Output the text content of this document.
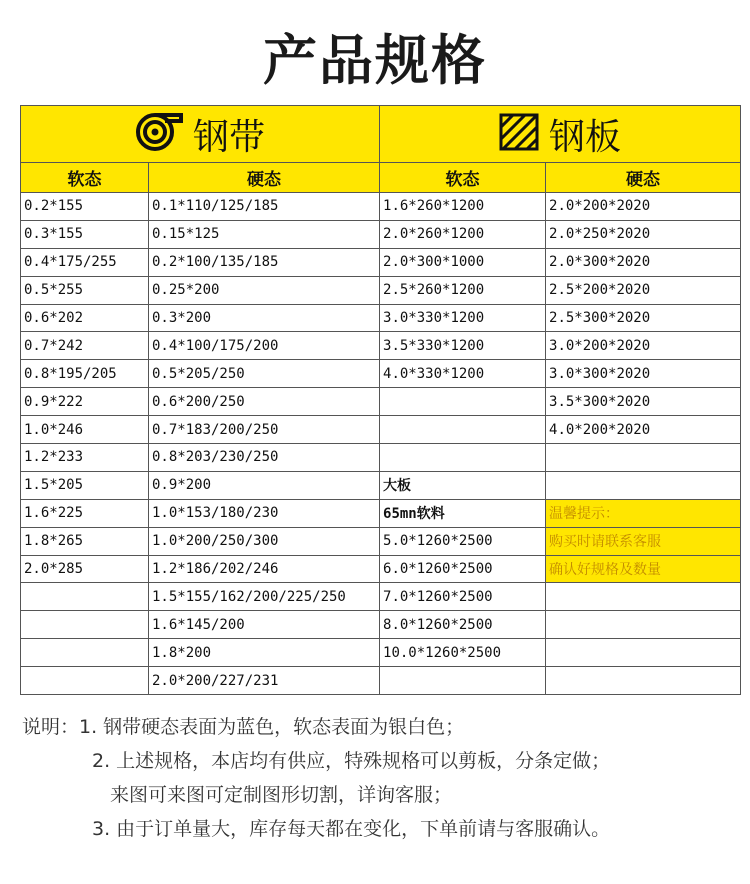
产品规格
钢带		钢板	

软态	硬态	软态	硬态
0.2*155	0.1*110/125/185	1.6*260*1200	2.0*200*2020
0.3*155	0.15*125	2.0*260*1200	2.0*250*2020
0.4*175/255	0.2*100/135/185	2.0*300*1000	2.0*300*2020
0.5*255	0.25*200	2.5*260*1200	2.5*200*2020
0.6*202	0.3*200	3.0*330*1200	2.5*300*2020
0.7*242	0.4*100/175/200	3.5*330*1200	3.0*200*2020
0.8*195/205	0.5*205/250	4.0*330*1200	3.0*300*2020
0.9*222	0.6*200/250		3.5*300*2020
1.0*246	0.7*183/200/250		4.0*200*2020
1.2*233	0.8*203/230/250		
1.5*205	0.9*200	大板	
1.6*225	1.0*153/180/230	65mn软料	温馨提示：
1.8*265	1.0*200/250/300	5.0*1260*2500	购买时请联系客服
2.0*285	1.2*186/202/246	6.0*1260*2500	确认好规格及数量
	1.5*155/162/200/225/250	7.0*1260*2500	
	1.6*145/200	8.0*1260*2500	
	1.8*200	10.0*1260*2500	
	2.0*200/227/231		
说明：1. 钢带硬态表面为蓝色，软态表面为银白色；
2. 上述规格，本店均有供应，特殊规格可以剪板，分条定做；
来图可来图可定制图形切割，详询客服；
3. 由于订单量大，库存每天都在变化，下单前请与客服确认。
